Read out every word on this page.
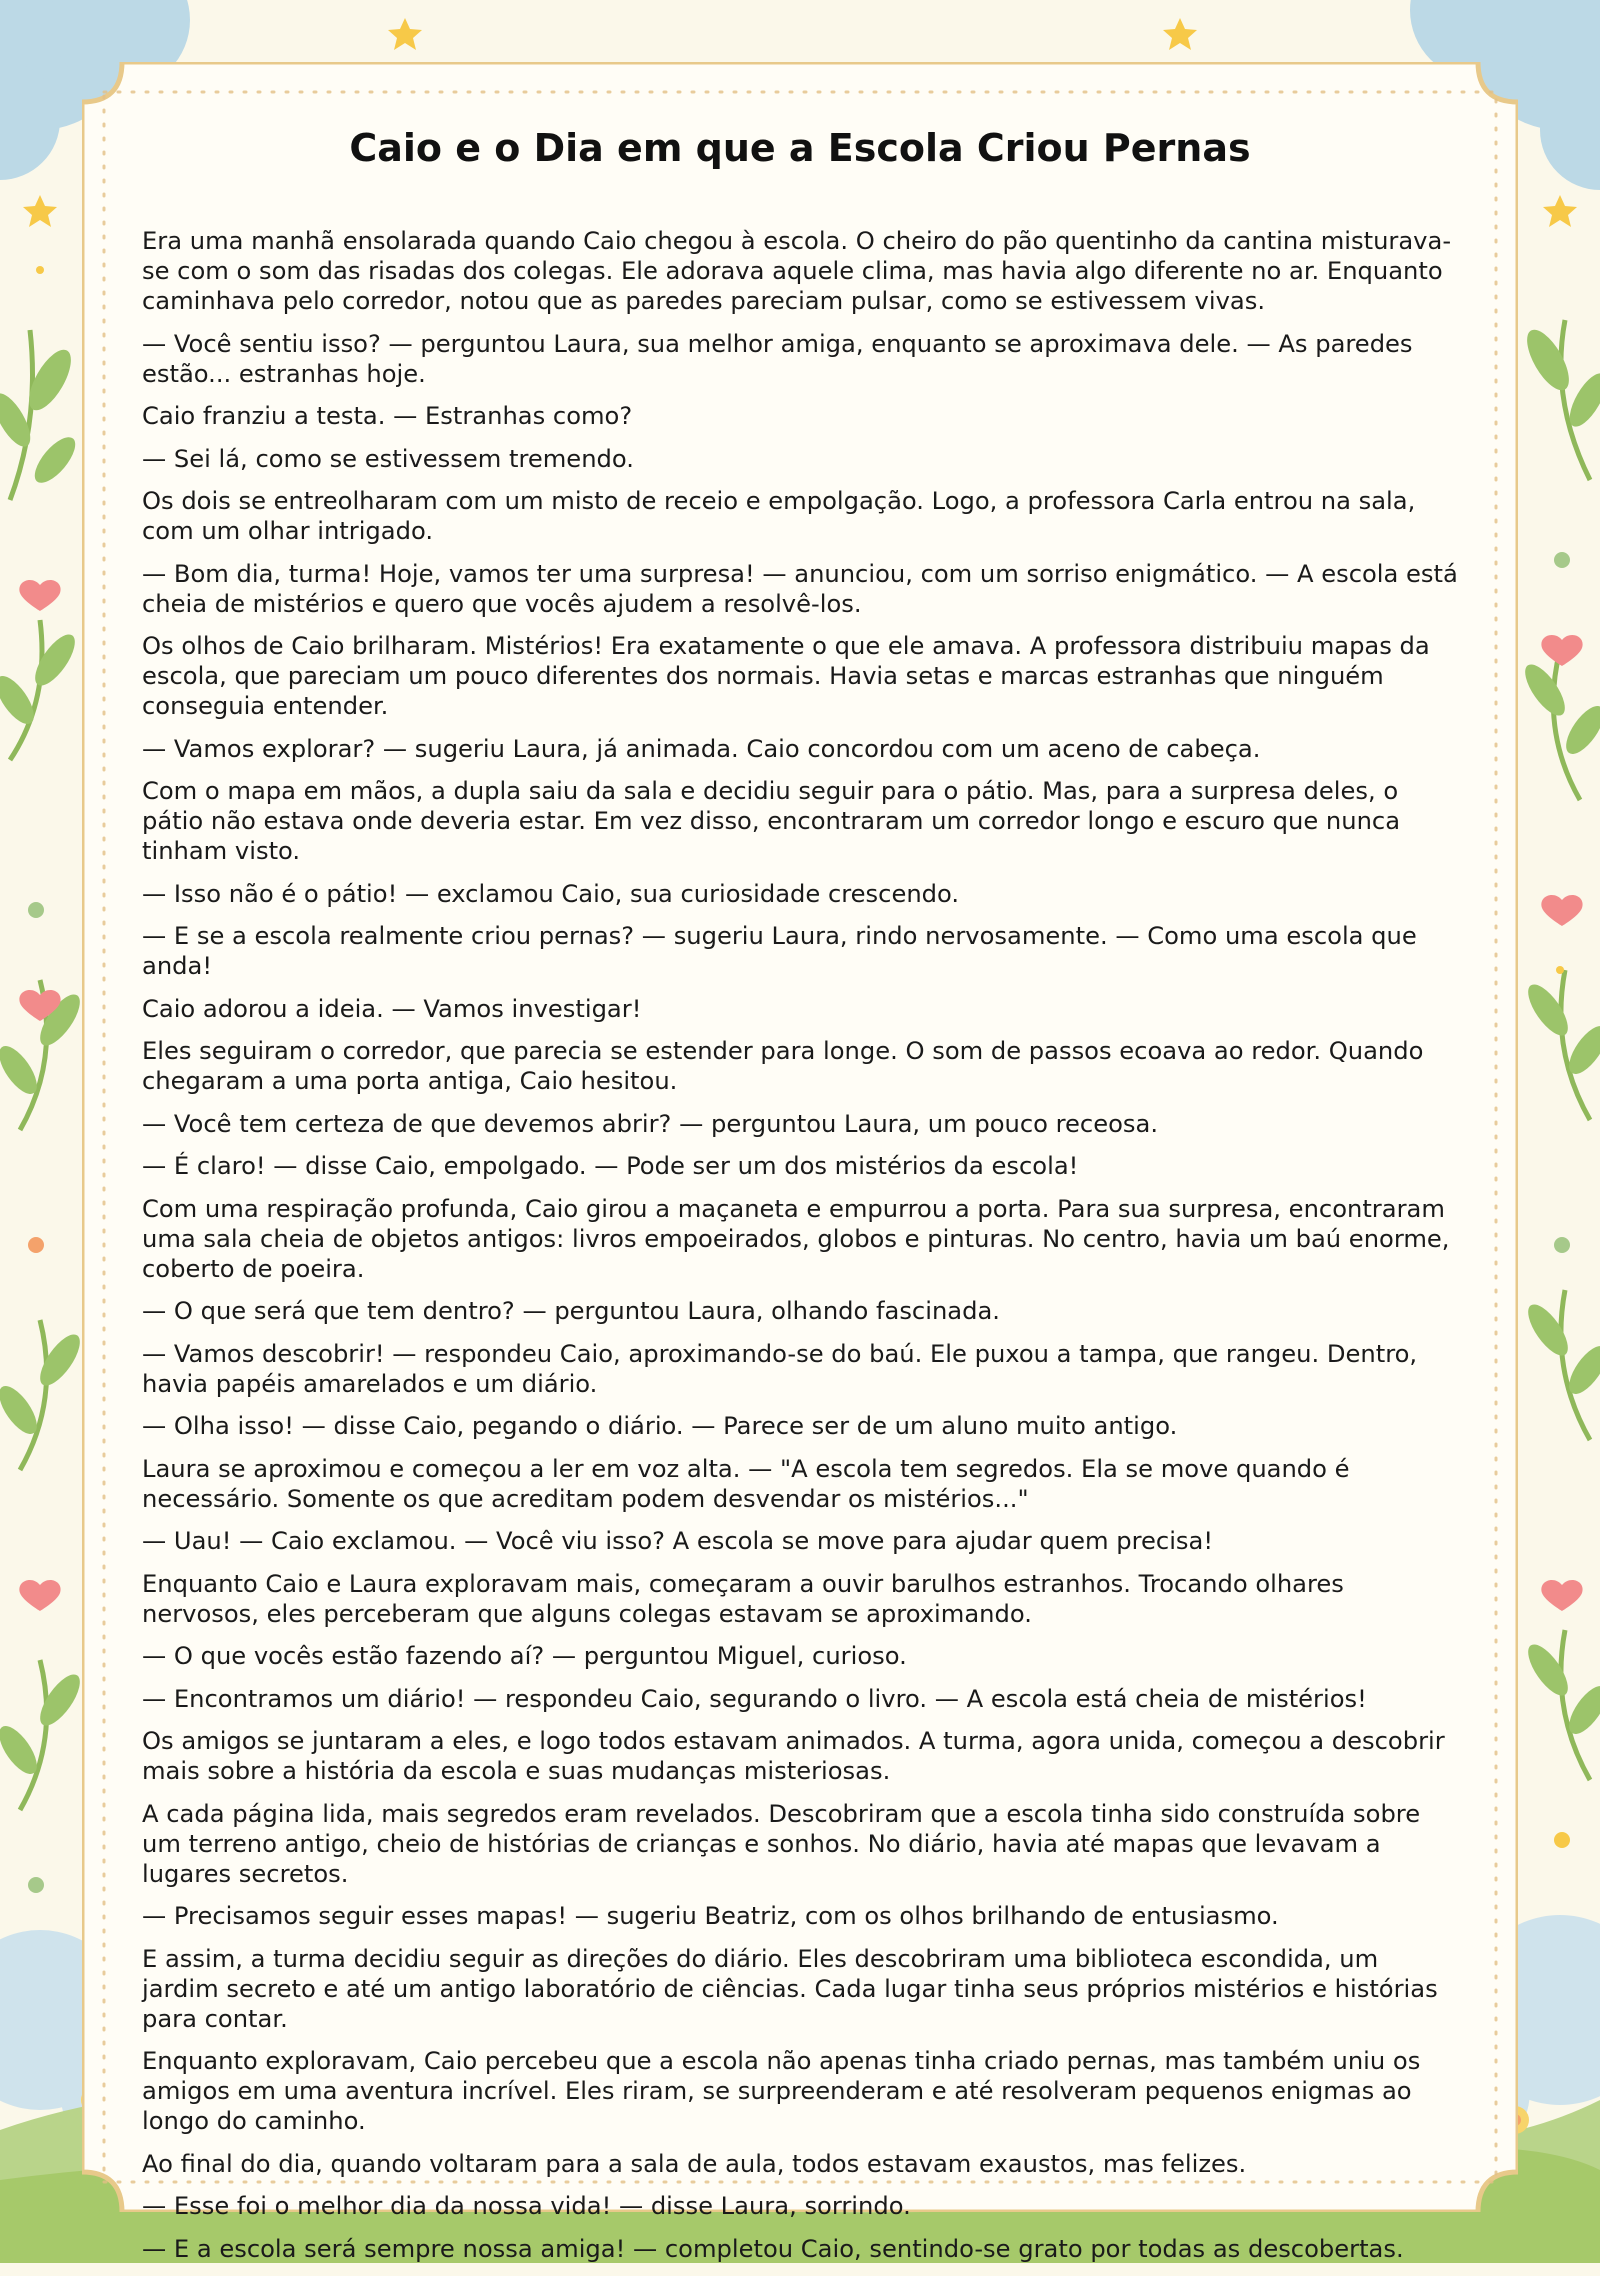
Caio e o Dia em que a Escola Criou Pernas

Era uma manhã ensolarada quando Caio chegou à escola. O cheiro do pão quentinho da cantina misturava-se com o som das risadas dos colegas. Ele adorava aquele clima, mas havia algo diferente no ar. Enquanto caminhava pelo corredor, notou que as paredes pareciam pulsar, como se estivessem vivas.

— Você sentiu isso? — perguntou Laura, sua melhor amiga, enquanto se aproximava dele. — As paredes estão... estranhas hoje.

Caio franziu a testa. — Estranhas como?

— Sei lá, como se estivessem tremendo.

Os dois se entreolharam com um misto de receio e empolgação. Logo, a professora Carla entrou na sala, com um olhar intrigado.

— Bom dia, turma! Hoje, vamos ter uma surpresa! — anunciou, com um sorriso enigmático. — A escola está cheia de mistérios e quero que vocês ajudem a resolvê-los.

Os olhos de Caio brilharam. Mistérios! Era exatamente o que ele amava. A professora distribuiu mapas da escola, que pareciam um pouco diferentes dos normais. Havia setas e marcas estranhas que ninguém conseguia entender.

— Vamos explorar? — sugeriu Laura, já animada. Caio concordou com um aceno de cabeça.

Com o mapa em mãos, a dupla saiu da sala e decidiu seguir para o pátio. Mas, para a surpresa deles, o pátio não estava onde deveria estar. Em vez disso, encontraram um corredor longo e escuro que nunca tinham visto.

— Isso não é o pátio! — exclamou Caio, sua curiosidade crescendo.

— E se a escola realmente criou pernas? — sugeriu Laura, rindo nervosamente. — Como uma escola que anda!

Caio adorou a ideia. — Vamos investigar!

Eles seguiram o corredor, que parecia se estender para longe. O som de passos ecoava ao redor. Quando chegaram a uma porta antiga, Caio hesitou.

— Você tem certeza de que devemos abrir? — perguntou Laura, um pouco receosa.

— É claro! — disse Caio, empolgado. — Pode ser um dos mistérios da escola!

Com uma respiração profunda, Caio girou a maçaneta e empurrou a porta. Para sua surpresa, encontraram uma sala cheia de objetos antigos: livros empoeirados, globos e pinturas. No centro, havia um baú enorme, coberto de poeira.

— O que será que tem dentro? — perguntou Laura, olhando fascinada.

— Vamos descobrir! — respondeu Caio, aproximando-se do baú. Ele puxou a tampa, que rangeu. Dentro, havia papéis amarelados e um diário.

— Olha isso! — disse Caio, pegando o diário. — Parece ser de um aluno muito antigo.

Laura se aproximou e começou a ler em voz alta. — "A escola tem segredos. Ela se move quando é necessário. Somente os que acreditam podem desvendar os mistérios..."

— Uau! — Caio exclamou. — Você viu isso? A escola se move para ajudar quem precisa!

Enquanto Caio e Laura exploravam mais, começaram a ouvir barulhos estranhos. Trocando olhares nervosos, eles perceberam que alguns colegas estavam se aproximando.

— O que vocês estão fazendo aí? — perguntou Miguel, curioso.

— Encontramos um diário! — respondeu Caio, segurando o livro. — A escola está cheia de mistérios!

Os amigos se juntaram a eles, e logo todos estavam animados. A turma, agora unida, começou a descobrir mais sobre a história da escola e suas mudanças misteriosas.

A cada página lida, mais segredos eram revelados. Descobriram que a escola tinha sido construída sobre um terreno antigo, cheio de histórias de crianças e sonhos. No diário, havia até mapas que levavam a lugares secretos.

— Precisamos seguir esses mapas! — sugeriu Beatriz, com os olhos brilhando de entusiasmo.

E assim, a turma decidiu seguir as direções do diário. Eles descobriram uma biblioteca escondida, um jardim secreto e até um antigo laboratório de ciências. Cada lugar tinha seus próprios mistérios e histórias para contar.

Enquanto exploravam, Caio percebeu que a escola não apenas tinha criado pernas, mas também uniu os amigos em uma aventura incrível. Eles riram, se surpreenderam e até resolveram pequenos enigmas ao longo do caminho.

Ao final do dia, quando voltaram para a sala de aula, todos estavam exaustos, mas felizes.

— Esse foi o melhor dia da nossa vida! — disse Laura, sorrindo.

— E a escola será sempre nossa amiga! — completou Caio, sentindo-se grato por todas as descobertas.
